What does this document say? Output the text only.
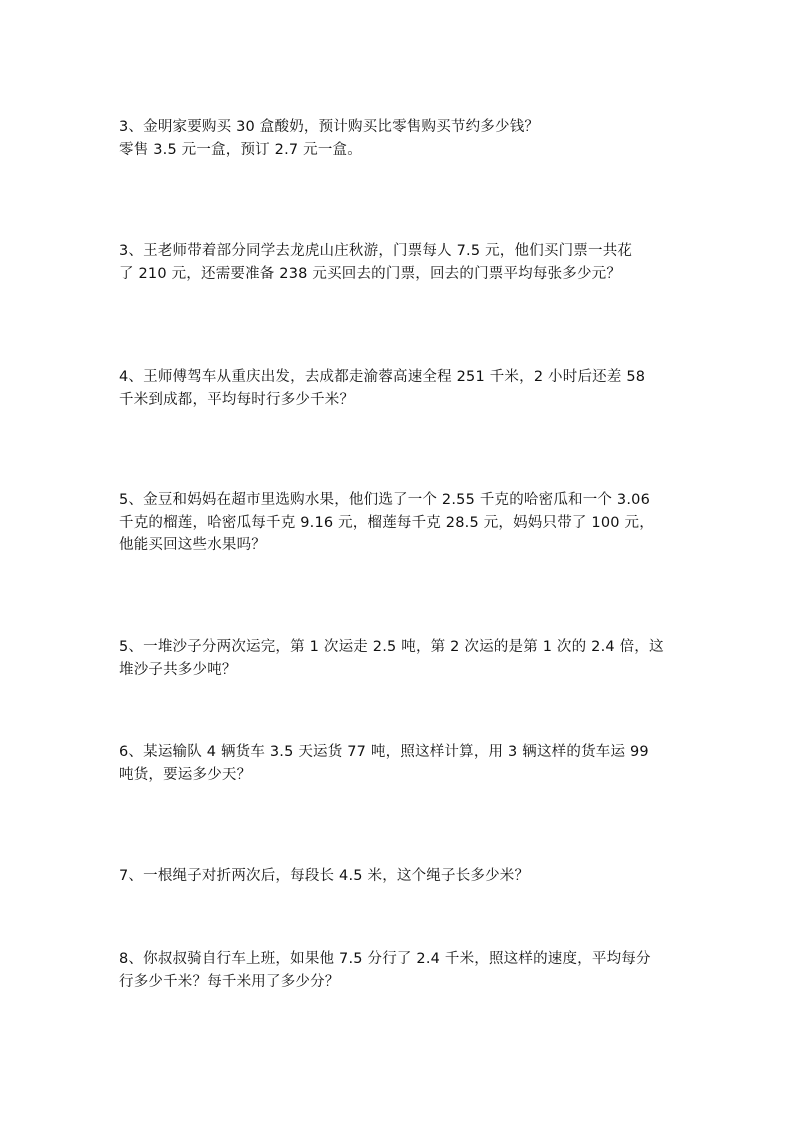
3、金明家要购买 30 盒酸奶，预计购买比零售购买节约多少钱？
零售 3.5 元一盒，预订 2.7 元一盒。
3、王老师带着部分同学去龙虎山庄秋游，门票每人 7.5 元，他们买门票一共花
了 210 元，还需要准备 238 元买回去的门票，回去的门票平均每张多少元？
4、王师傅驾车从重庆出发，去成都走渝蓉高速全程 251 千米，2 小时后还差 58
千米到成都，平均每时行多少千米？
5、金豆和妈妈在超市里选购水果，他们选了一个 2.55 千克的哈密瓜和一个 3.06
千克的榴莲，哈密瓜每千克 9.16 元，榴莲每千克 28.5 元，妈妈只带了 100 元，
他能买回这些水果吗？
5、一堆沙子分两次运完，第 1 次运走 2.5 吨，第 2 次运的是第 1 次的 2.4 倍，这
堆沙子共多少吨？
6、某运输队 4 辆货车 3.5 天运货 77 吨，照这样计算，用 3 辆这样的货车运 99
吨货，要运多少天？
7、一根绳子对折两次后，每段长 4.5 米，这个绳子长多少米？
8、你叔叔骑自行车上班，如果他 7.5 分行了 2.4 千米，照这样的速度，平均每分
行多少千米？每千米用了多少分？
